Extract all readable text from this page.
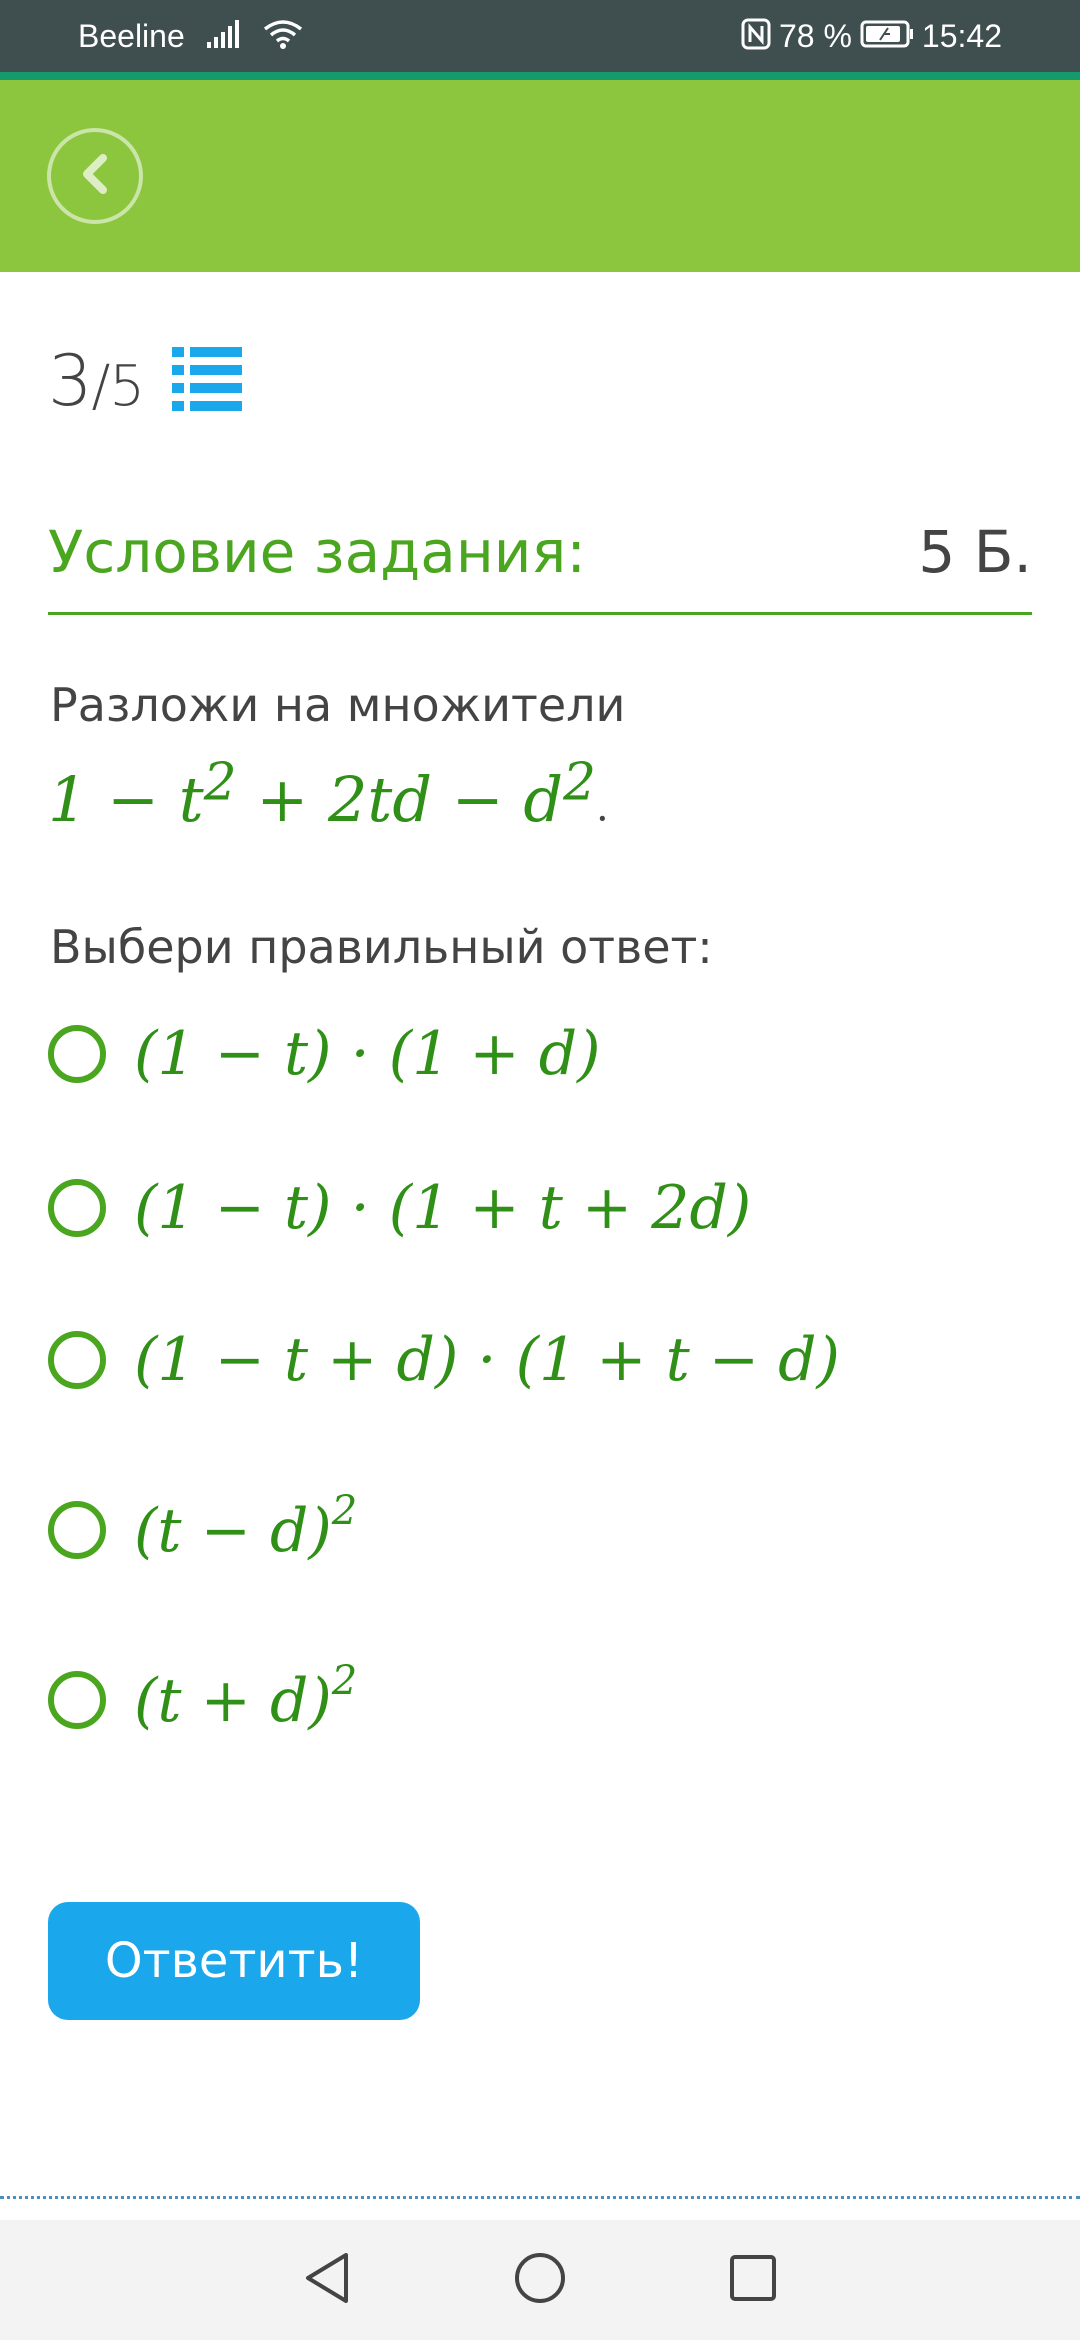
Beeline	78 % 15:42
3/5
Условие задания:	5 Б.
Разложи на множители
$1 - t^2 + 2td - d^2$.
Выбери правильный ответ:
(1 − t) · (1 + d)
(1 − t) · (1 + t + 2d)
(1 − t + d) · (1 + t − d)
$(t - d)^2$
$(t + d)^2$
Ответить!
